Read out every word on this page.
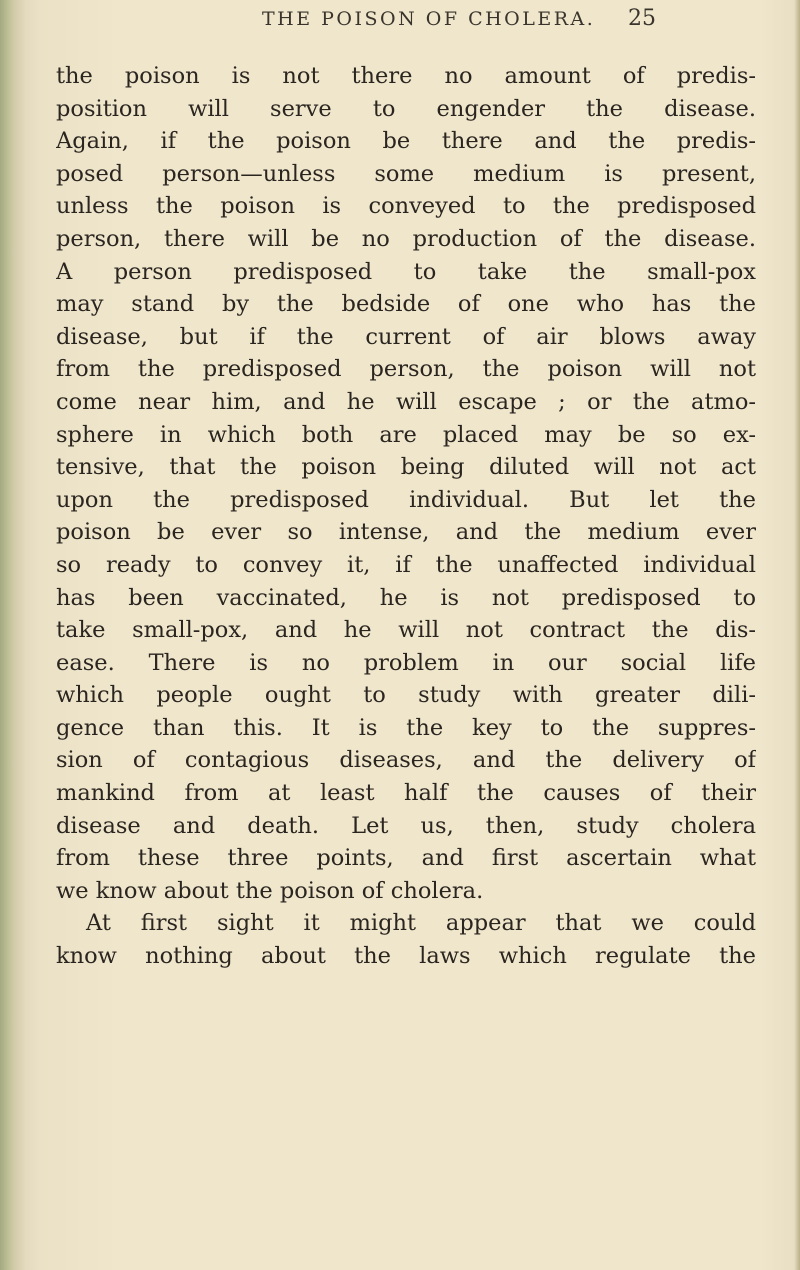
THE POISON OF CHOLERA. 25
the poison is not there no amount of predis-
position will serve to engender the disease.
Again, if the poison be there and the predis-
posed person—unless some medium is present,
unless the poison is conveyed to the predisposed
person, there will be no production of the disease.
A person predisposed to take the small-pox
may stand by the bedside of one who has the
disease, but if the current of air blows away
from the predisposed person, the poison will not
come near him, and he will escape ; or the atmo-
sphere in which both are placed may be so ex-
tensive, that the poison being diluted will not act
upon the predisposed individual. But let the
poison be ever so intense, and the medium ever
so ready to convey it, if the unaffected individual
has been vaccinated, he is not predisposed to
take small-pox, and he will not contract the dis-
ease. There is no problem in our social life
which people ought to study with greater dili-
gence than this. It is the key to the suppres-
sion of contagious diseases, and the delivery of
mankind from at least half the causes of their
disease and death. Let us, then, study cholera
from these three points, and first ascertain what
we know about the poison of cholera.
At first sight it might appear that we could
know nothing about the laws which regulate the
